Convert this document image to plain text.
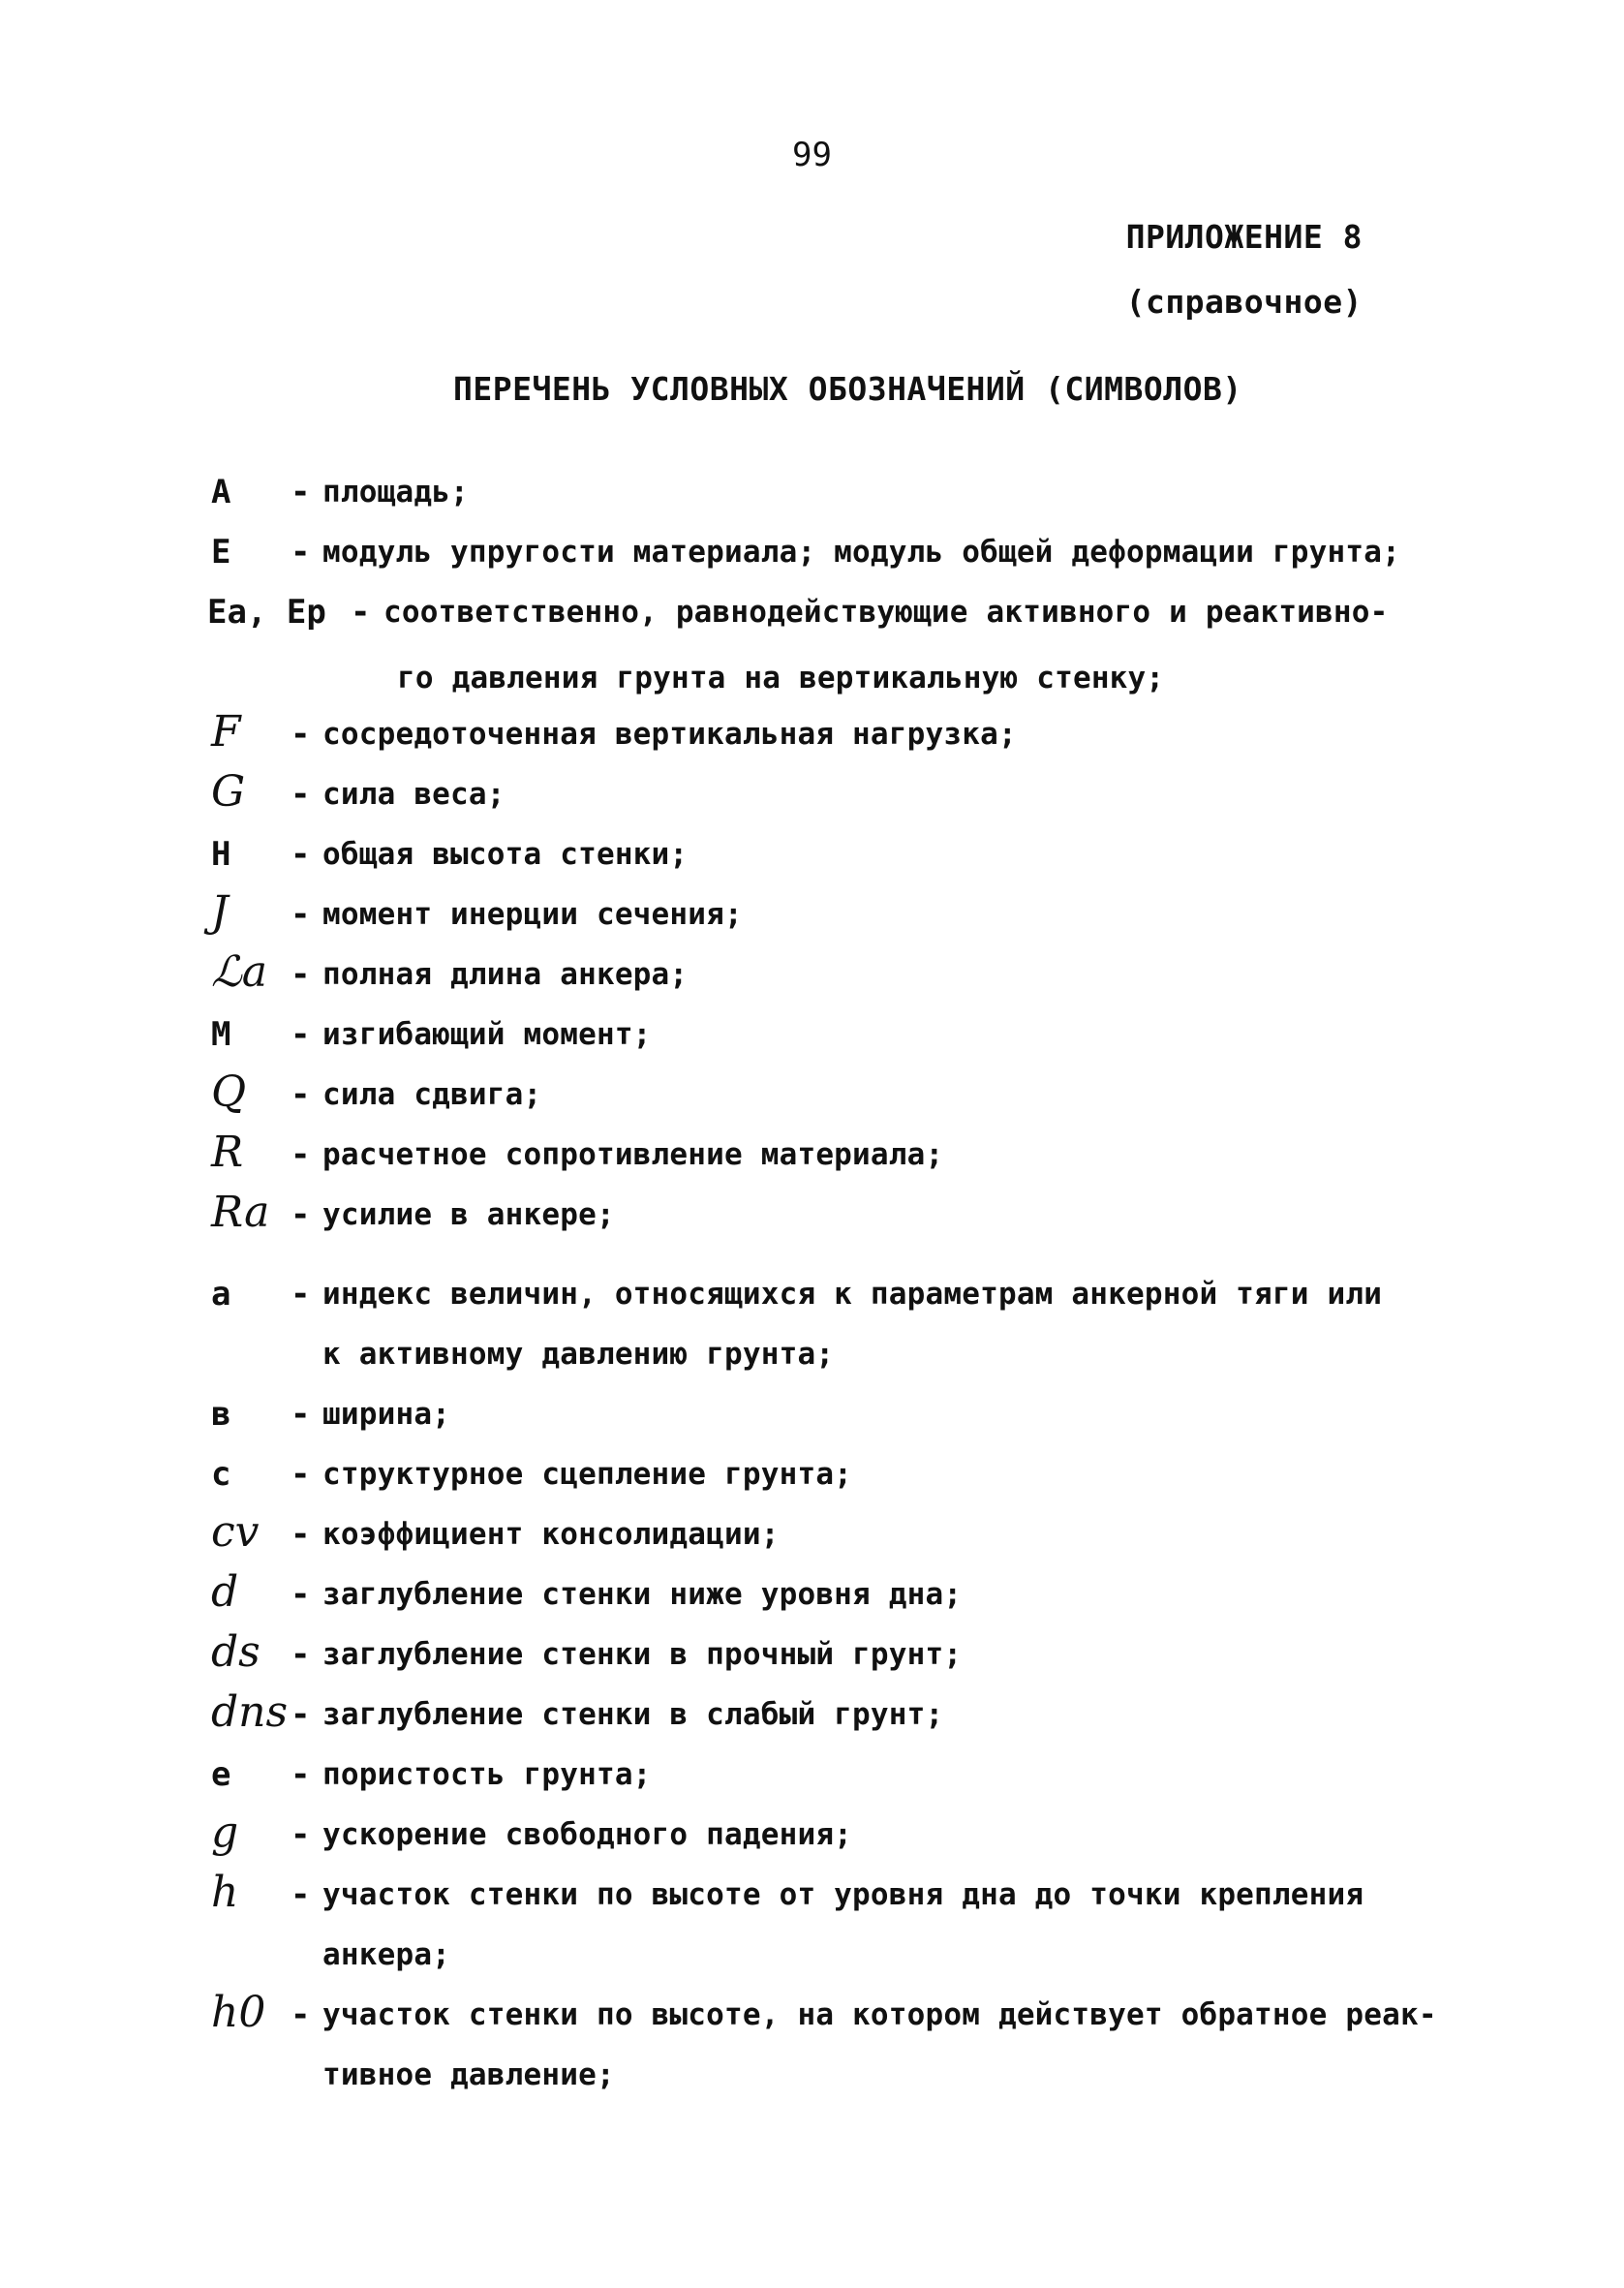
99
ПРИЛОЖЕНИЕ 8
(справочное)
ПЕРЕЧЕНЬ УСЛОВНЫХ ОБОЗНАЧЕНИЙ (СИМВОЛОВ)
A - площадь;
E - модуль упругости материала; модуль общей деформации грунта;
Eа, Eр - соответственно, равнодействующие активного и реактивно-
го давления грунта на вертикальную стенку;
F - сосредоточенная вертикальная нагрузка;
G - сила веса;
H - общая высота стенки;
J - момент инерции сечения;
ℒa - полная длина анкера;
M - изгибающий момент;
Q - сила сдвига;
R - расчетное сопротивление материала;
Ra - усилие в анкере;
a - индекс величин, относящихся к параметрам анкерной тяги или
к активному давлению грунта;
в - ширина;
c - структурное сцепление грунта;
cv - коэффициент консолидации;
d - заглубление стенки ниже уровня дна;
ds - заглубление стенки в прочный грунт;
dns - заглубление стенки в слабый грунт;
e - пористость грунта;
g - ускорение свободного падения;
h - участок стенки по высоте от уровня дна до точки крепления
анкера;
h0 - участок стенки по высоте, на котором действует обратное реак-
тивное давление;
